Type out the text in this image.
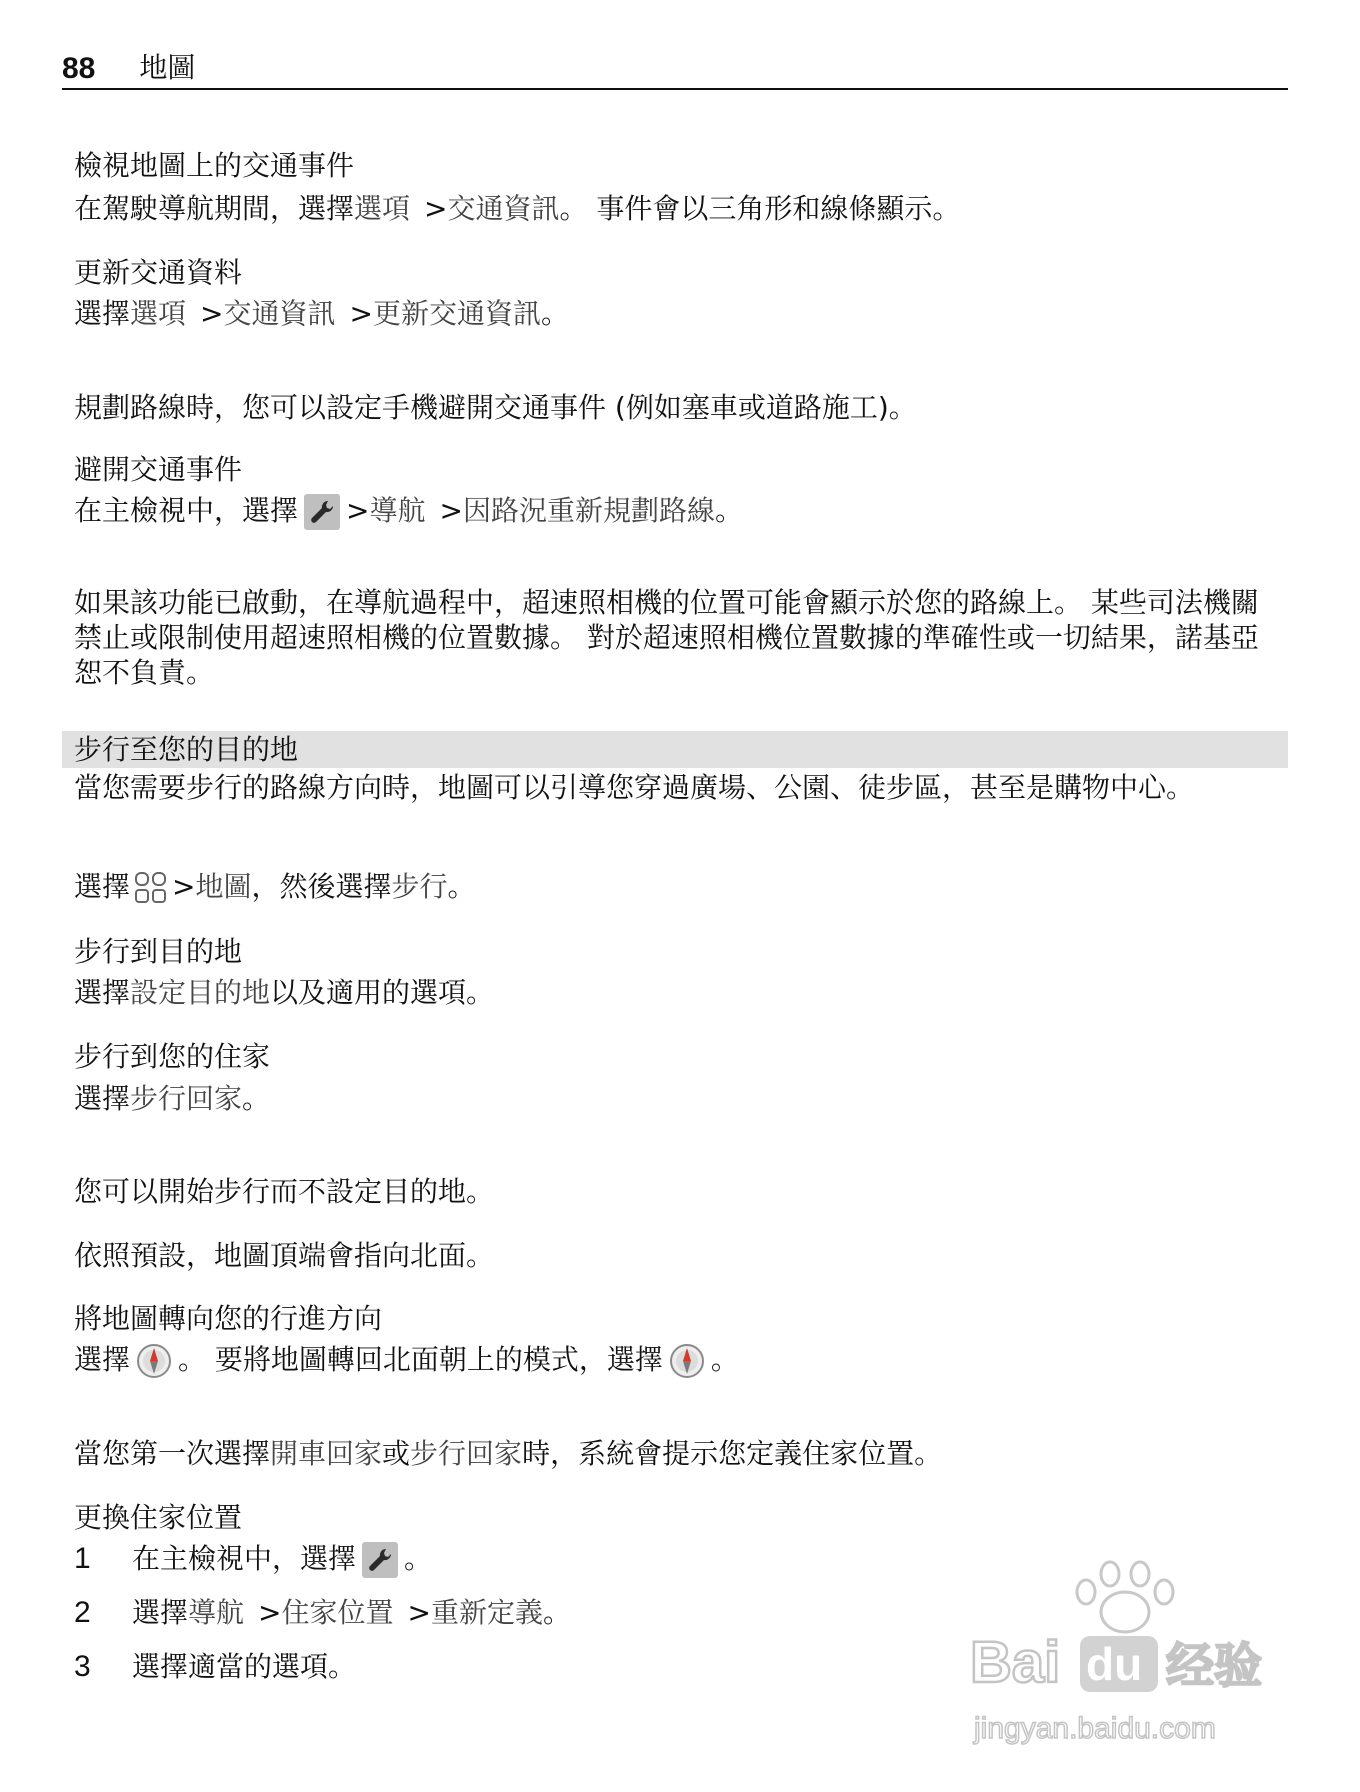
88 地圖
檢視地圖上的交通事件
在駕駛導航期間，選擇選項 >交通資訊。 事件會以三角形和線條顯示。
更新交通資料
選擇選項 >交通資訊 >更新交通資訊。
規劃路線時，您可以設定手機避開交通事件 (例如塞車或道路施工)。
避開交通事件
在主檢視中，選擇 >導航 >因路況重新規劃路線。
如果該功能已啟動，在導航過程中，超速照相機的位置可能會顯示於您的路線上。 某些司法機關禁止或限制使用超速照相機的位置數據。 對於超速照相機位置數據的準確性或一切結果，諾基亞恕不負責。
步行至您的目的地
當您需要步行的路線方向時，地圖可以引導您穿過廣場、公園、徒步區，甚至是購物中心。
選擇 >地圖，然後選擇步行。
步行到目的地
選擇設定目的地以及適用的選項。
步行到您的住家
選擇步行回家。
您可以開始步行而不設定目的地。
依照預設，地圖頂端會指向北面。
將地圖轉向您的行進方向
選擇 。 要將地圖轉回北面朝上的模式，選擇 。
當您第一次選擇開車回家或步行回家時，系統會提示您定義住家位置。
更換住家位置
1 在主檢視中，選擇 。
2 選擇導航 >住家位置 >重新定義。
3 選擇適當的選項。	Bai du 经验
jingyan.baidu.com
